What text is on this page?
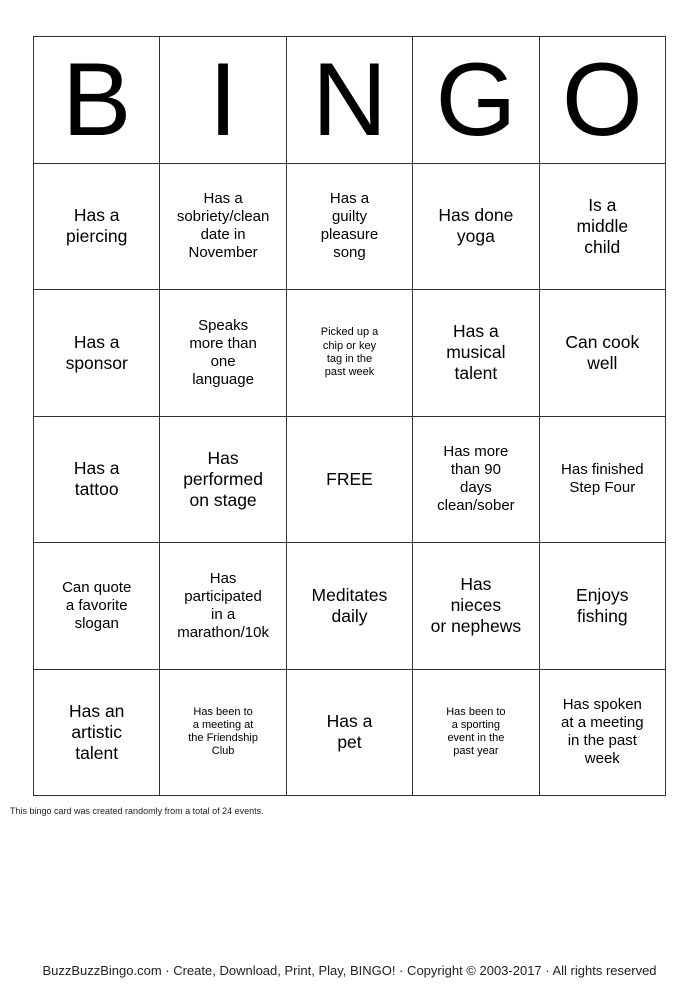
B I N G O
Has a
piercing
Has a
sobriety/clean
date in
November
Has a
guilty
pleasure
song
Has done
yoga
Is a
middle
child
Has a
sponsor
Speaks
more than
one
language
Picked up a
chip or key
tag in the
past week
Has a
musical
talent
Can cook
well
Has a
tattoo
Has
performed
on stage
FREE
Has more
than 90
days
clean/sober
Has finished
Step Four
Can quote
a favorite
slogan
Has
participated
in a
marathon/10k
Meditates
daily
Has
nieces
or nephews
Enjoys
fishing
Has an
artistic
talent
Has been to
a meeting at
the Friendship
Club
Has a
pet
Has been to
a sporting
event in the
past year
Has spoken
at a meeting
in the past
week
This bingo card was created randomly from a total of 24 events.
BuzzBuzzBingo.com · Create, Download, Print, Play, BINGO! · Copyright © 2003-2017 · All rights reserved
